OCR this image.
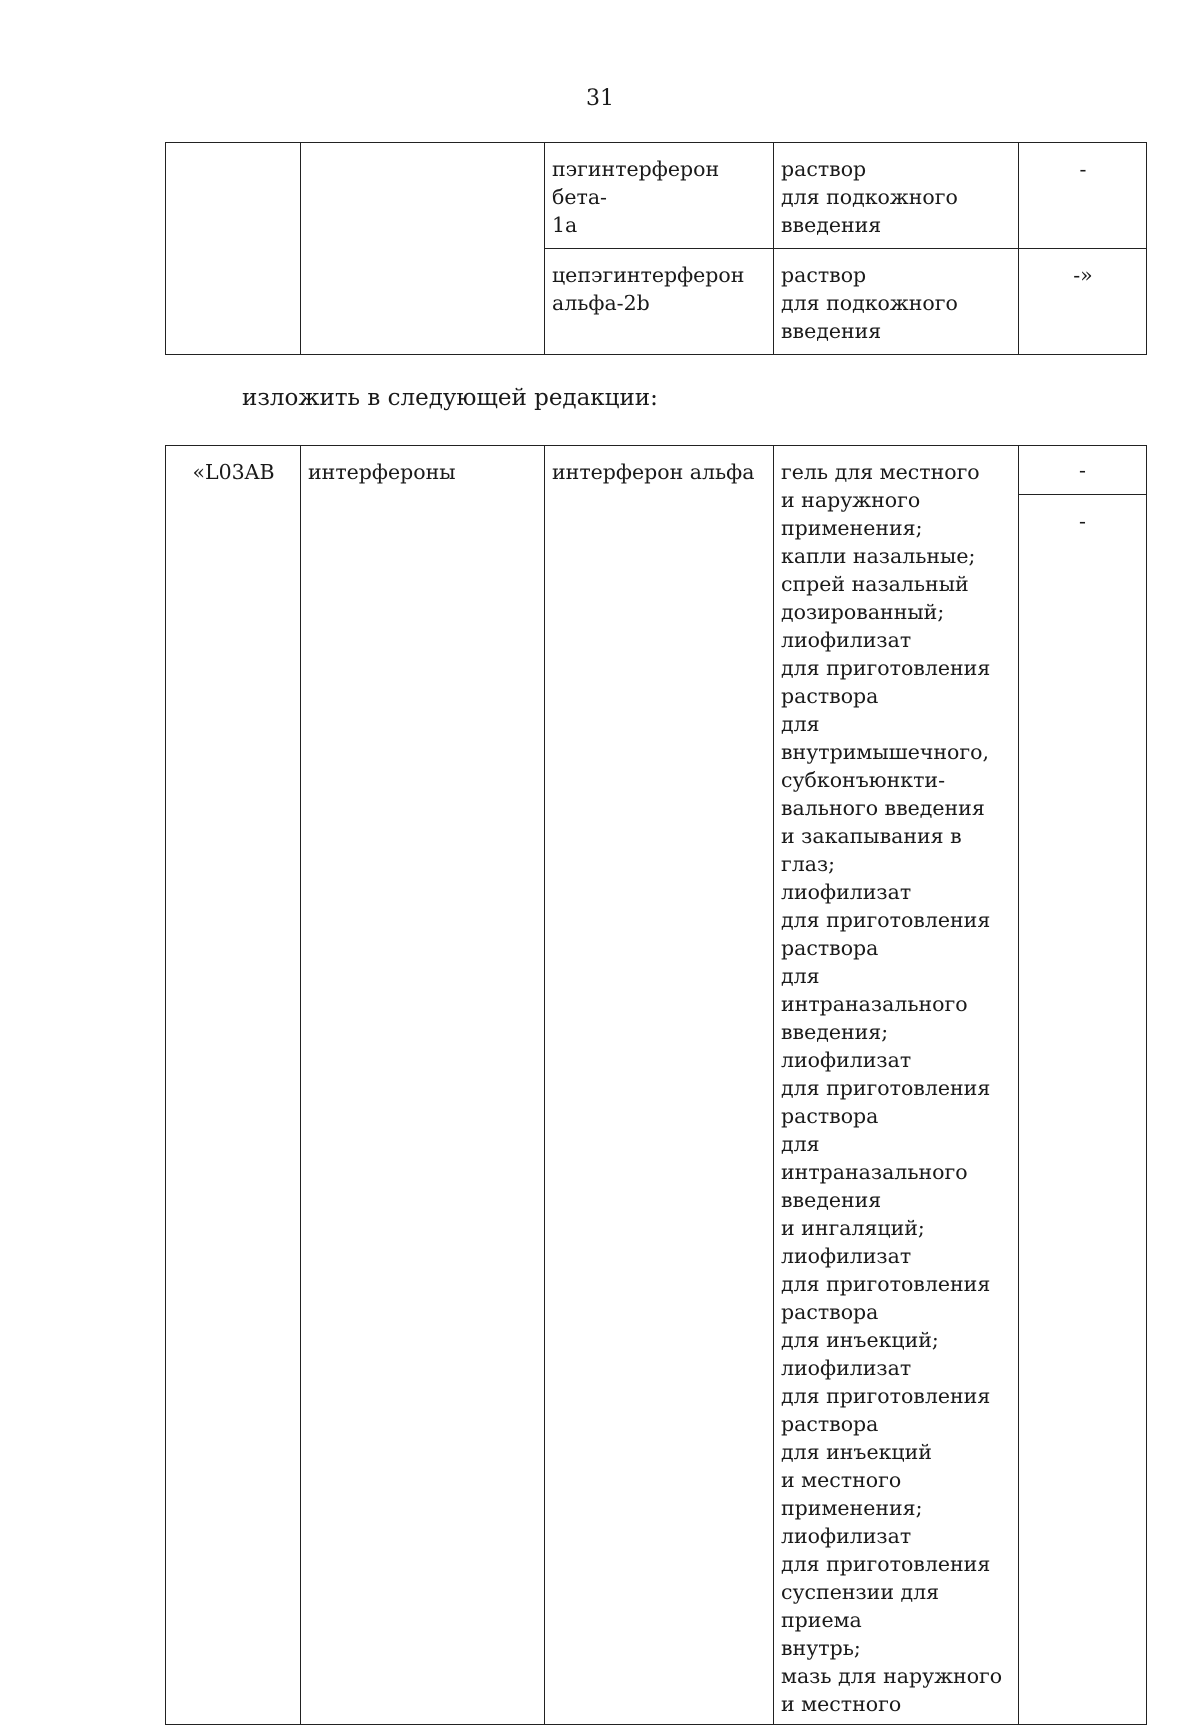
31

		пэгинтерферон бета-
1а	раствор
для подкожного
введения	-

		цепэгинтерферон
альфа-2b	раствор
для подкожного
введения	-»
изложить в следующей редакции:
«L03AB	интерфероны	интерферон альфа	гель для местного
и наружного
применения;
капли назальные;
спрей назальный
дозированный;
лиофилизат
для приготовления
раствора
для
внутримышечного,
субконъюнкти-
вального введения
и закапывания в глаз;
лиофилизат
для приготовления
раствора
для интраназального
введения;
лиофилизат
для приготовления
раствора
для интраназального
введения
и ингаляций;
лиофилизат
для приготовления
раствора
для инъекций;
лиофилизат
для приготовления
раствора
для инъекций
и местного
применения;
лиофилизат
для приготовления
суспензии для приема
внутрь;
мазь для наружного
и местного

-
-
